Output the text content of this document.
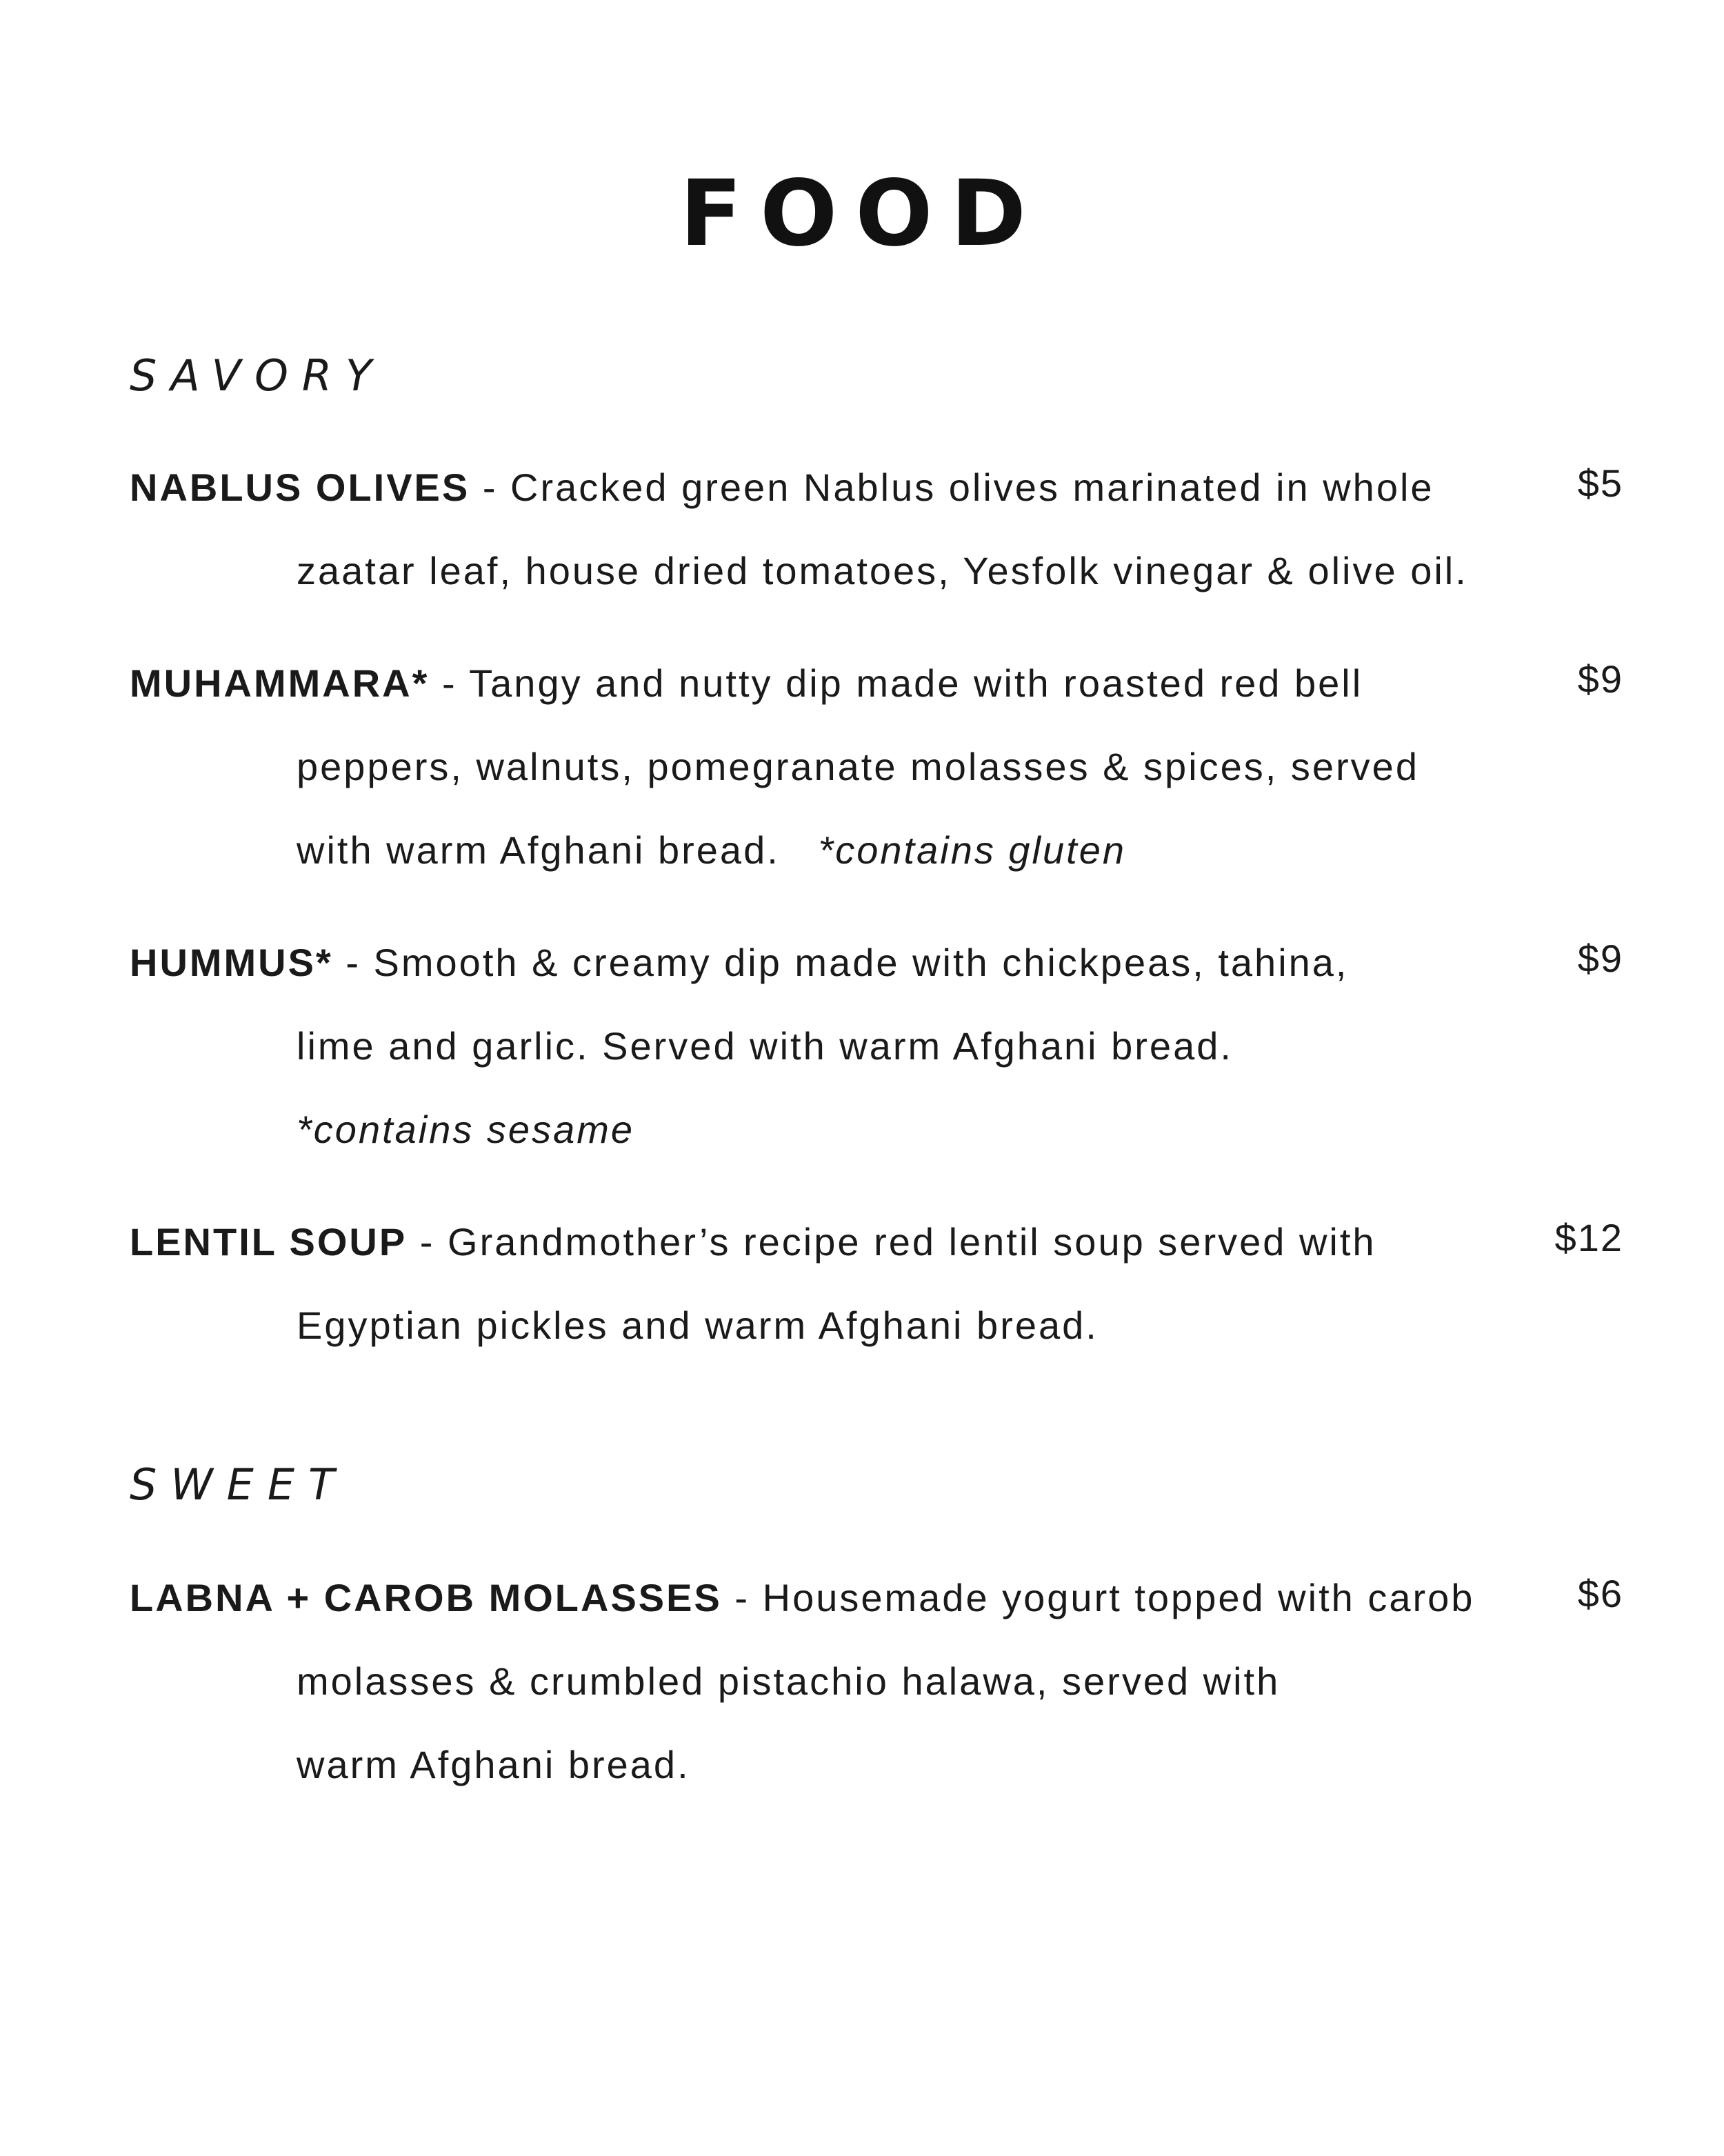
FOOD
SAVORY
NABLUS OLIVES - Cracked green Nablus olives marinated in whole
zaatar leaf, house dried tomatoes, Yesfolk vinegar & olive oil.
$5
MUHAMMARA* - Tangy and nutty dip made with roasted red bell
peppers, walnuts, pomegranate molasses & spices, served
with warm Afghani bread. *contains gluten
$9
HUMMUS* - Smooth & creamy dip made with chickpeas, tahina,
lime and garlic. Served with warm Afghani bread.
*contains sesame
$9
LENTIL SOUP - Grandmother’s recipe red lentil soup served with
Egyptian pickles and warm Afghani bread.
$12
SWEET
LABNA + CAROB MOLASSES - Housemade yogurt topped with carob
molasses & crumbled pistachio halawa, served with
warm Afghani bread.
$6
